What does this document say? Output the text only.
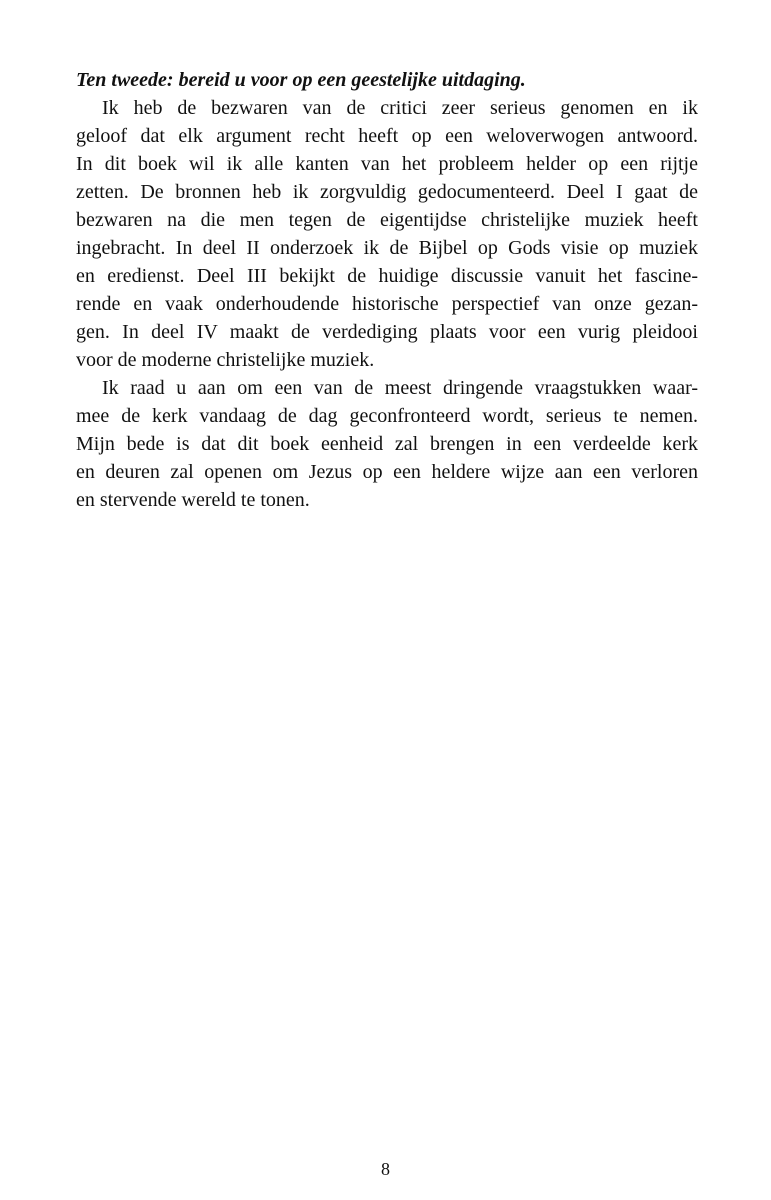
Ten tweede: bereid u voor op een geestelijke uitdaging.

Ik heb de bezwaren van de critici zeer serieus genomen en ik
geloof dat elk argument recht heeft op een weloverwogen antwoord.
In dit boek wil ik alle kanten van het probleem helder op een rijtje
zetten. De bronnen heb ik zorgvuldig gedocumenteerd. Deel I gaat de
bezwaren na die men tegen de eigentijdse christelijke muziek heeft
ingebracht. In deel II onderzoek ik de Bijbel op Gods visie op muziek
en eredienst. Deel III bekijkt de huidige discussie vanuit het fascine-
rende en vaak onderhoudende historische perspectief van onze gezan-
gen. In deel IV maakt de verdediging plaats voor een vurig pleidooi
voor de moderne christelijke muziek.

Ik raad u aan om een van de meest dringende vraagstukken waar-
mee de kerk vandaag de dag geconfronteerd wordt, serieus te nemen.
Mijn bede is dat dit boek eenheid zal brengen in een verdeelde kerk
en deuren zal openen om Jezus op een heldere wijze aan een verloren
en stervende wereld te tonen.

8
